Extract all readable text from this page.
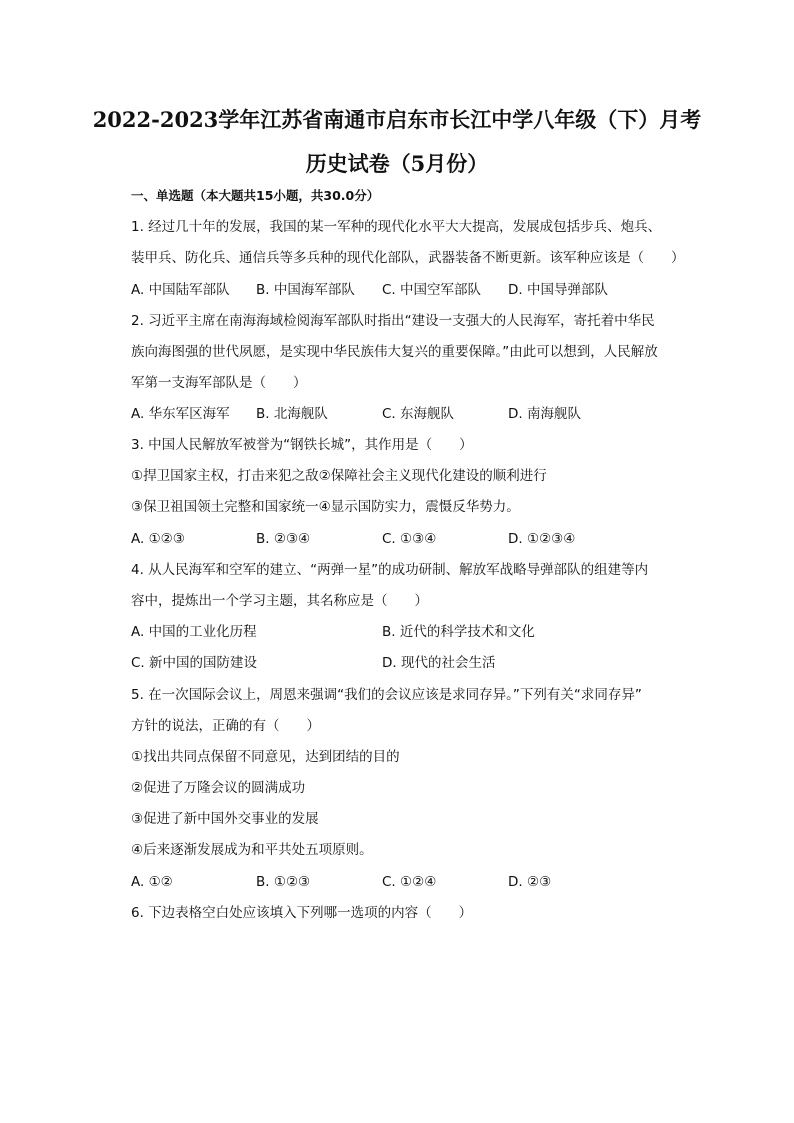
2022-2023学年江苏省南通市启东市长江中学八年级（下）月考
历史试卷（5月份）
一、单选题（本大题共15小题，共30.0分）
1. 经过几十年的发展，我国的某一军种的现代化水平大大提高，发展成包括步兵、炮兵、
装甲兵、防化兵、通信兵等多兵种的现代化部队，武器装备不断更新。该军种应该是（　　）
A. 中国陆军部队 B. 中国海军部队 C. 中国空军部队 D. 中国导弹部队
2. 习近平主席在南海海域检阅海军部队时指出“建设一支强大的人民海军，寄托着中华民
族向海图强的世代夙愿，是实现中华民族伟大复兴的重要保障。”由此可以想到，人民解放
军第一支海军部队是（　　）
A. 华东军区海军 B. 北海舰队	C. 东海舰队	D. 南海舰队
3. 中国人民解放军被誉为“钢铁长城”，其作用是（　　）
①捍卫国家主权，打击来犯之敌②保障社会主义现代化建设的顺利进行
③保卫祖国领土完整和国家统一④显示国防实力，震慑反华势力。
A. ①②③	B. ②③④	C. ①③④	D. ①②③④
4. 从人民海军和空军的建立、“两弹一星”的成功研制、解放军战略导弹部队的组建等内
容中，提炼出一个学习主题，其名称应是（　　）
A. 中国的工业化历程	B. 近代的科学技术和文化
C. 新中国的国防建设	D. 现代的社会生活
5. 在一次国际会议上，周恩来强调“我们的会议应该是求同存异。”下列有关“求同存异”
方针的说法，正确的有（　　）
①找出共同点保留不同意见，达到团结的目的
②促进了万隆会议的圆满成功
③促进了新中国外交事业的发展
④后来逐渐发展成为和平共处五项原则。
A. ①②	B. ①②③	C. ①②④	D. ②③
6. 下边表格空白处应该填入下列哪一选项的内容（　　）
